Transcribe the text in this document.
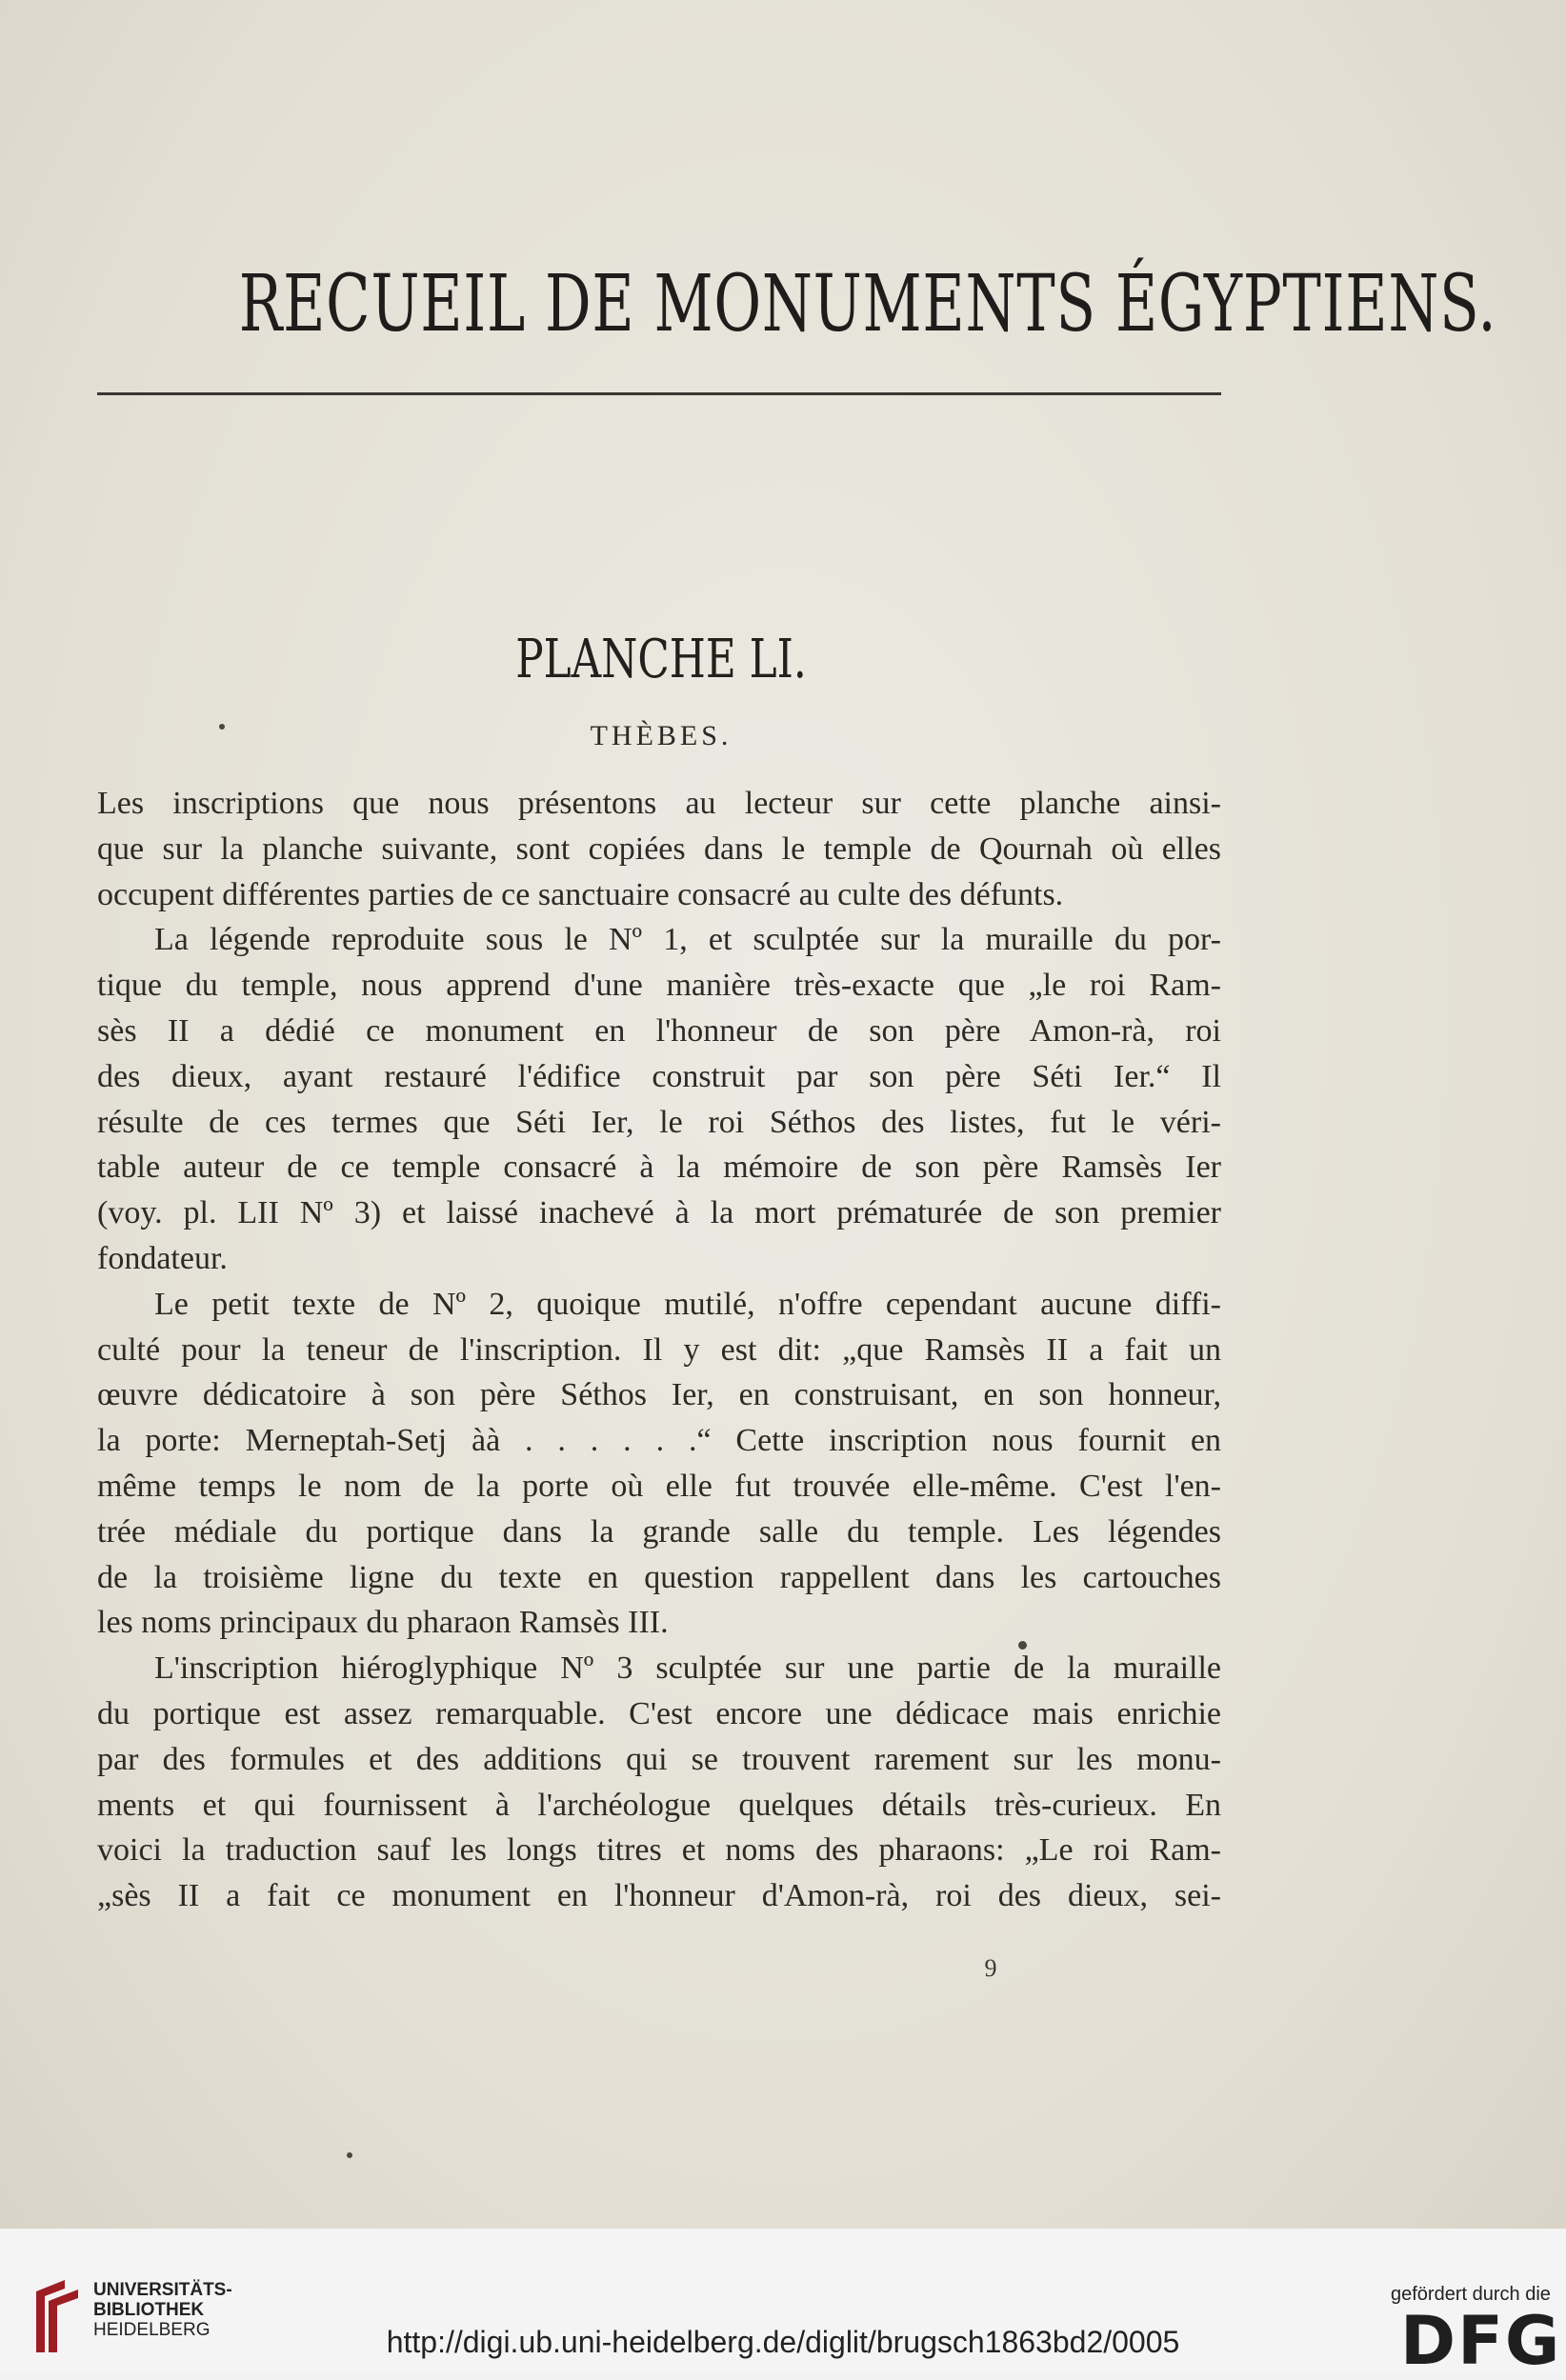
RECUEIL DE MONUMENTS ÉGYPTIENS.
PLANCHE LI.
THÈBES.
Les inscriptions que nous présentons au lecteur sur cette planche ainsi-
que sur la planche suivante, sont copiées dans le temple de Qournah où elles
occupent différentes parties de ce sanctuaire consacré au culte des défunts.
La légende reproduite sous le Nº 1, et sculptée sur la muraille du por-
tique du temple, nous apprend d'une manière très-exacte que „le roi Ram-
sès II a dédié ce monument en l'honneur de son père Amon-rà, roi
des dieux, ayant restauré l'édifice construit par son père Séti Ier.“ Il
résulte de ces termes que Séti Ier, le roi Séthos des listes, fut le véri-
table auteur de ce temple consacré à la mémoire de son père Ramsès Ier
(voy. pl. LII Nº 3) et laissé inachevé à la mort prématurée de son premier
fondateur.
Le petit texte de Nº 2, quoique mutilé, n'offre cependant aucune diffi-
culté pour la teneur de l'inscription. Il y est dit: „que Ramsès II a fait un
œuvre dédicatoire à son père Séthos Ier, en construisant, en son honneur,
la porte: Merneptah-Setj àà . . . . . .“ Cette inscription nous fournit en
même temps le nom de la porte où elle fut trouvée elle-même. C'est l'en-
trée médiale du portique dans la grande salle du temple. Les légendes
de la troisième ligne du texte en question rappellent dans les cartouches
les noms principaux du pharaon Ramsès III.
L'inscription hiéroglyphique Nº 3 sculptée sur une partie de la muraille
du portique est assez remarquable. C'est encore une dédicace mais enrichie
par des formules et des additions qui se trouvent rarement sur les monu-
ments et qui fournissent à l'archéologue quelques détails très-curieux. En
voici la traduction sauf les longs titres et noms des pharaons: „Le roi Ram-
„sès II a fait ce monument en l'honneur d'Amon-rà, roi des dieux, sei-
9
UNIVERSITÄTS-
BIBLIOTHEK
HEIDELBERG	http://digi.ub.uni-heidelberg.de/diglit/brugsch1863bd2/0005
gefördert durch die
DFG
